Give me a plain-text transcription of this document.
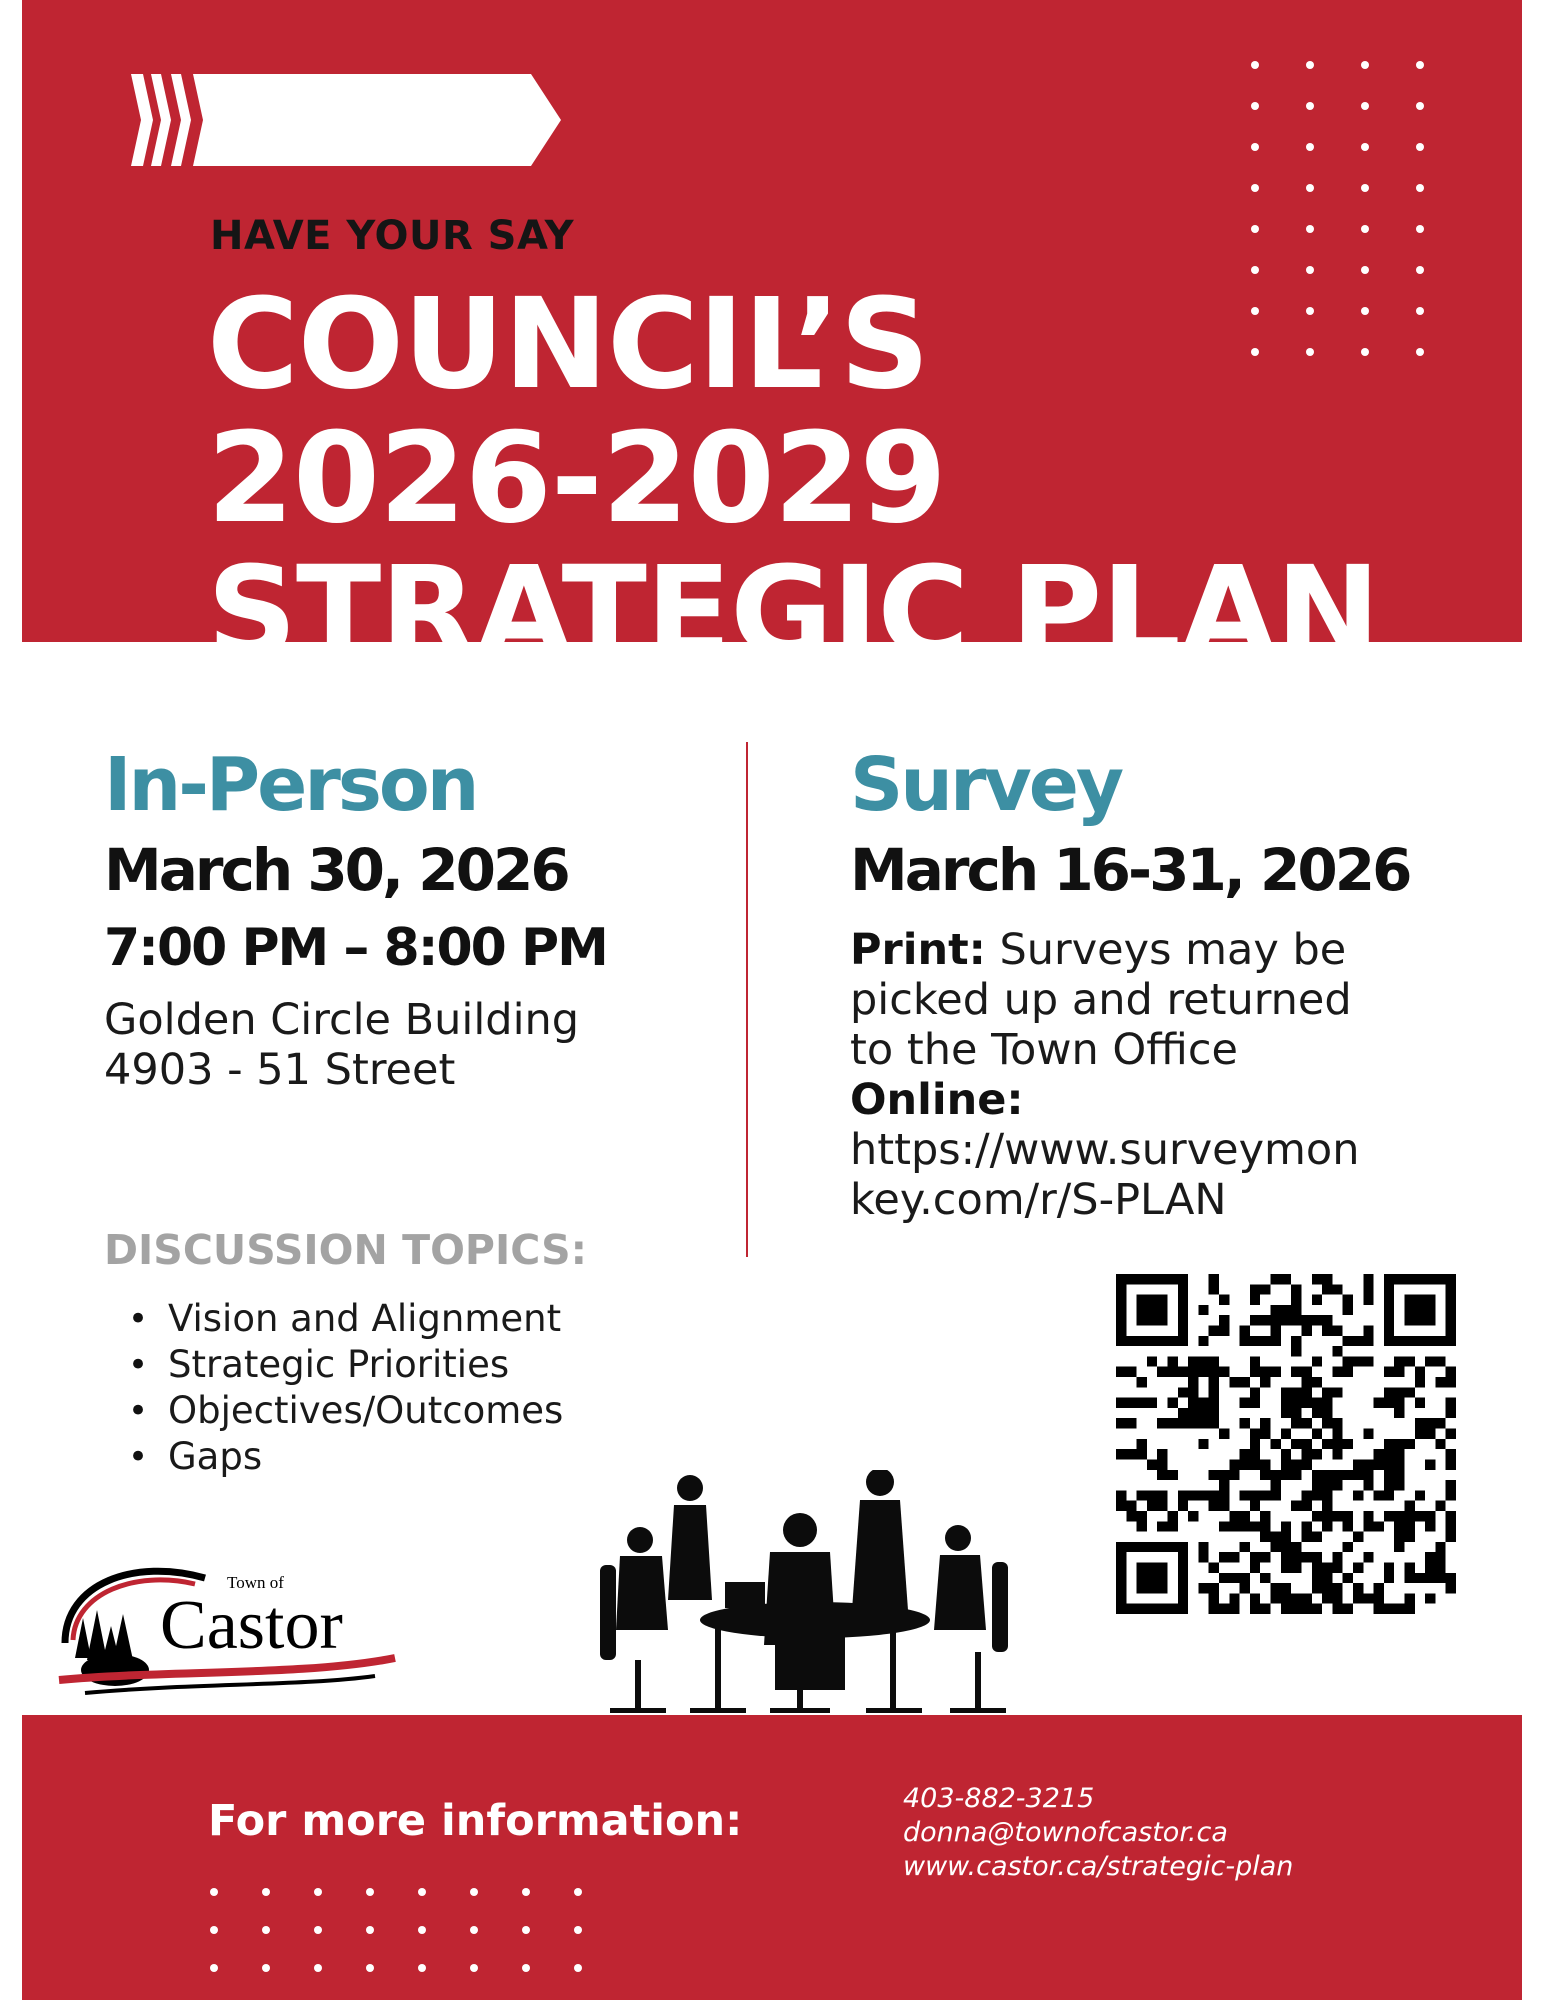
HAVE YOUR SAY
COUNCIL’S
2026-2029
STRATEGIC PLAN
In-Person
March 30, 2026
7:00 PM – 8:00 PM
Golden Circle Building
4903 - 51 Street
Survey
March 16-31, 2026
Print: Surveys may be
picked up and returned
to the Town Office
Online:
https://www.surveymon
key.com/r/S-PLAN
DISCUSSION TOPICS:
• Vision and Alignment
• Strategic Priorities
• Objectives/Outcomes
• Gaps
Town of
Castor
For more information:	403-882-3215
donna@townofcastor.ca
www.castor.ca/strategic-plan
